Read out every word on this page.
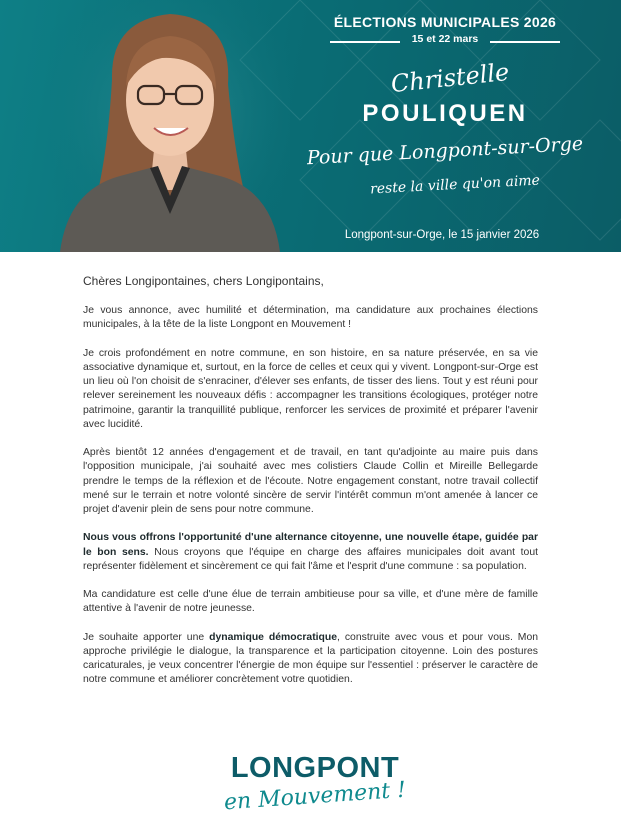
ÉLECTIONS MUNICIPALES 2026
15 et 22 mars
Christelle
POULIQUEN
Pour que Longpont-sur-Orge
reste la ville qu'on aime
Longpont-sur-Orge, le 15 janvier 2026
Chères Longipontaines, chers Longipontains,

Je vous annonce, avec humilité et détermination, ma candidature aux prochaines élections municipales, à la tête de la liste Longpont en Mouvement !

Je crois profondément en notre commune, en son histoire, en sa nature préservée, en sa vie associative dynamique et, surtout, en la force de celles et ceux qui y vivent. Longpont-sur-Orge est un lieu où l'on choisit de s'enraciner, d'élever ses enfants, de tisser des liens. Tout y est réuni pour relever sereinement les nouveaux défis : accompagner les transitions écologiques, protéger notre patrimoine, garantir la tranquillité publique, renforcer les services de proximité et préparer l'avenir avec lucidité.

Après bientôt 12 années d'engagement et de travail, en tant qu'adjointe au maire puis dans l'opposition municipale, j'ai souhaité avec mes colistiers Claude Collin et Mireille Bellegarde prendre le temps de la réflexion et de l'écoute. Notre engagement constant, notre travail collectif mené sur le terrain et notre volonté sincère de servir l'intérêt commun m'ont amenée à lancer ce projet d'avenir plein de sens pour notre commune.

Nous vous offrons l'opportunité d'une alternance citoyenne, une nouvelle étape, guidée par le bon sens. Nous croyons que l'équipe en charge des affaires municipales doit avant tout représenter fidèlement et sincèrement ce qui fait l'âme et l'esprit d'une commune : sa population.

Ma candidature est celle d'une élue de terrain ambitieuse pour sa ville, et d'une mère de famille attentive à l'avenir de notre jeunesse.

Je souhaite apporter une dynamique démocratique, construite avec vous et pour vous. Mon approche privilégie le dialogue, la transparence et la participation citoyenne. Loin des postures caricaturales, je veux concentrer l'énergie de mon équipe sur l'essentiel : préserver le caractère de notre commune et améliorer concrètement votre quotidien.

LONGPONT
en Mouvement !
